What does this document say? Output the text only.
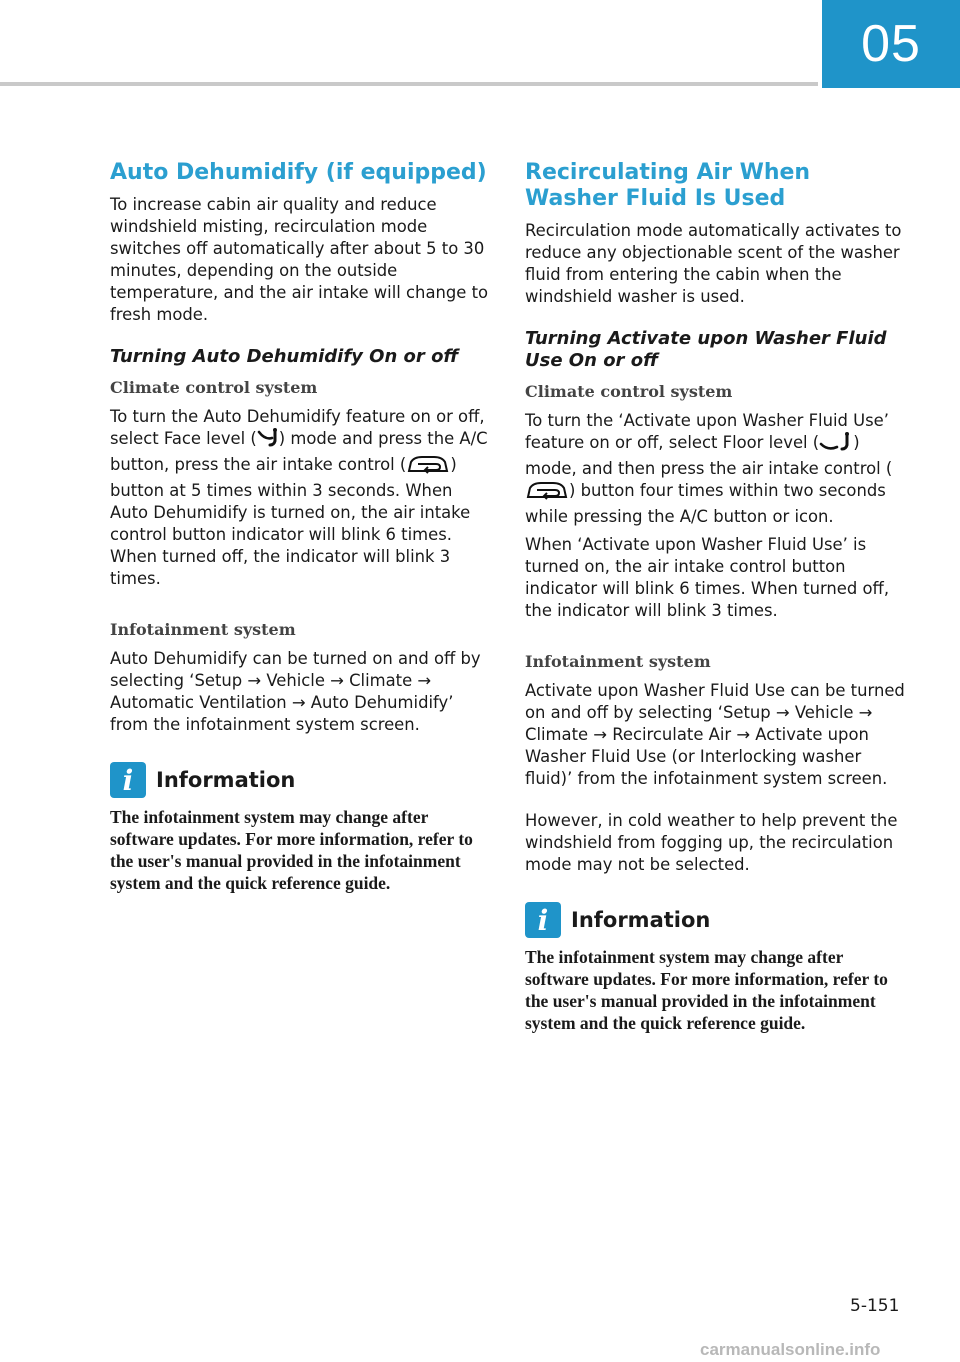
05
Auto Dehumidify (if equipped)

To increase cabin air quality and reduce windshield misting, recirculation mode switches off automatically after about 5 to 30 minutes, depending on the outside temperature, and the air intake will change to fresh mode.

Turning Auto Dehumidify On or off
Climate control system

To turn the Auto Dehumidify feature on or off, select Face level ( ) mode and press the A/C button, press the air intake control (	) button at 5 times within 3 seconds. When Auto Dehumidify is turned on, the air intake control button indicator will blink 6 times. When turned off, the indicator will blink 3 times.

Infotainment system

Auto Dehumidify can be turned on and off by selecting ‘Setup → Vehicle → Climate → Automatic Ventilation → Auto Dehumidify’ from the infotainment system screen.

i	Information

The infotainment system may change after software updates. For more information, refer to the user's manual provided in the infotainment system and the quick reference guide.

Recirculating Air When Washer Fluid Is Used

Recirculation mode automatically activates to reduce any objectionable scent of the washer fluid from entering the cabin when the windshield washer is used.

Turning Activate upon Washer Fluid Use On or off
Climate control system

To turn the ‘Activate upon Washer Fluid Use’ feature on or off, select Floor level ( ) mode, and then press the air intake control () button four times within two seconds while pressing the A/C button or icon.

When ‘Activate upon Washer Fluid Use’ is turned on, the air intake control button indicator will blink 6 times. When turned off, the indicator will blink 3 times.

Infotainment system

Activate upon Washer Fluid Use can be turned on and off by selecting ‘Setup → Vehicle → Climate → Recirculate Air → Activate upon Washer Fluid Use (or Interlocking washer fluid)’ from the infotainment system screen.

However, in cold weather to help prevent the windshield from fogging up, the recirculation mode may not be selected.

i	Information

The infotainment system may change after software updates. For more information, refer to the user's manual provided in the infotainment system and the quick reference guide.

5-151
carmanualsonline.info
